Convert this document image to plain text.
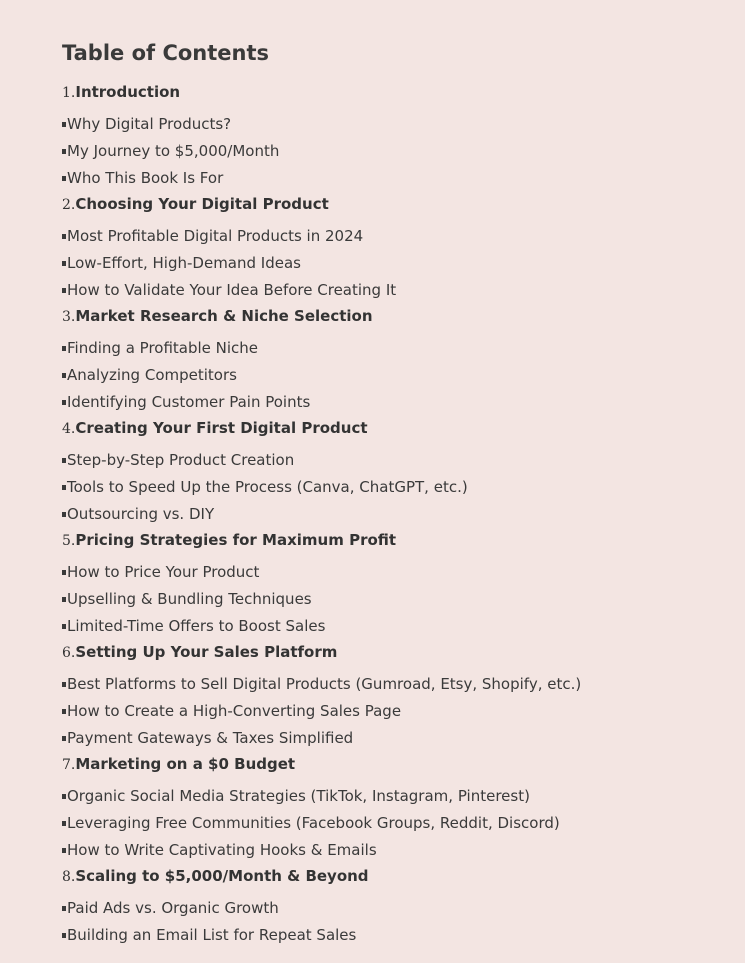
Table of Contents
1.Introduction
Why Digital Products?
My Journey to $5,000/Month
Who This Book Is For
2.Choosing Your Digital Product
Most Profitable Digital Products in 2024
Low-Effort, High-Demand Ideas
How to Validate Your Idea Before Creating It
3.Market Research & Niche Selection
Finding a Profitable Niche
Analyzing Competitors
Identifying Customer Pain Points
4.Creating Your First Digital Product
Step-by-Step Product Creation
Tools to Speed Up the Process (Canva, ChatGPT, etc.)
Outsourcing vs. DIY
5.Pricing Strategies for Maximum Profit
How to Price Your Product
Upselling & Bundling Techniques
Limited-Time Offers to Boost Sales
6.Setting Up Your Sales Platform
Best Platforms to Sell Digital Products (Gumroad, Etsy, Shopify, etc.)
How to Create a High-Converting Sales Page
Payment Gateways & Taxes Simplified
7.Marketing on a $0 Budget
Organic Social Media Strategies (TikTok, Instagram, Pinterest)
Leveraging Free Communities (Facebook Groups, Reddit, Discord)
How to Write Captivating Hooks & Emails
8.Scaling to $5,000/Month & Beyond
Paid Ads vs. Organic Growth
Building an Email List for Repeat Sales
